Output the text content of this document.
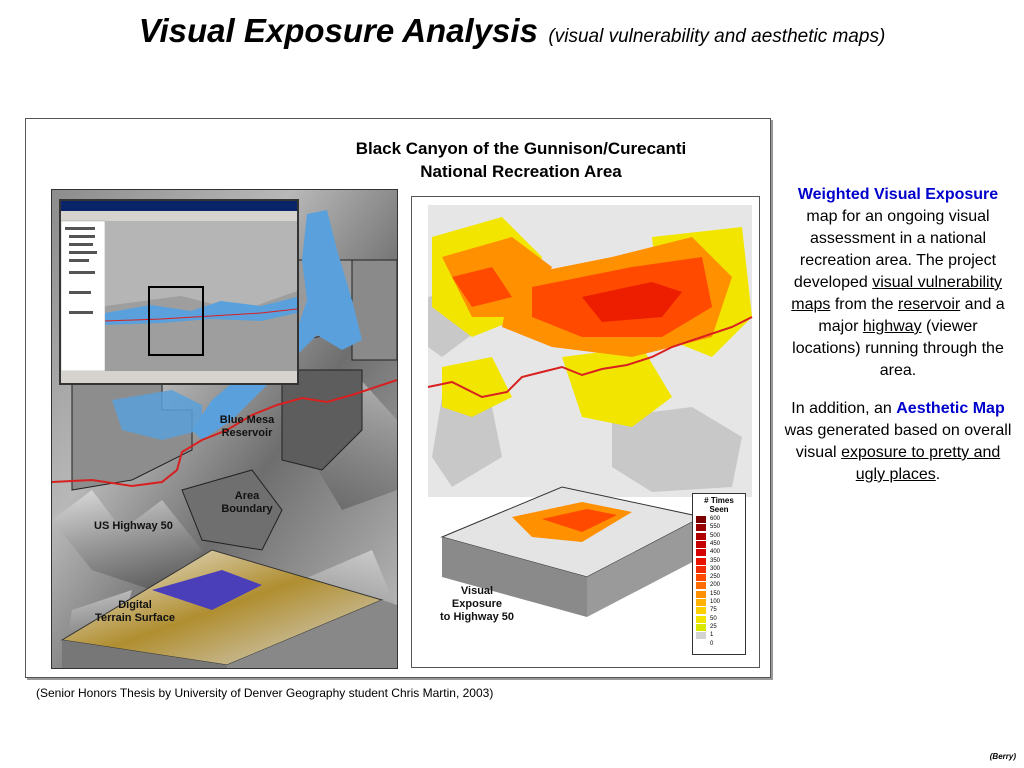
Visual Exposure Analysis (visual vulnerability and aesthetic maps)
Black Canyon of the Gunnison/Curecanti
National Recreation Area
Blue Mesa
Reservoir
Area
Boundary
US Highway 50
Digital
Terrain Surface
Visual
Exposure
to Highway 50
# Times
Seen
600
550
500
450
400
350
300
250
200
150
100
75
50
25
1
0

Weighted Visual Exposure map for an ongoing visual assessment in a national recreation area. The project developed visual vulnerability maps from the reservoir and a major highway (viewer locations) running through the area.

In addition, an Aesthetic Map was generated based on overall visual exposure to pretty and ugly places.

(Senior Honors Thesis by University of Denver Geography student Chris Martin, 2003)
(Berry)
